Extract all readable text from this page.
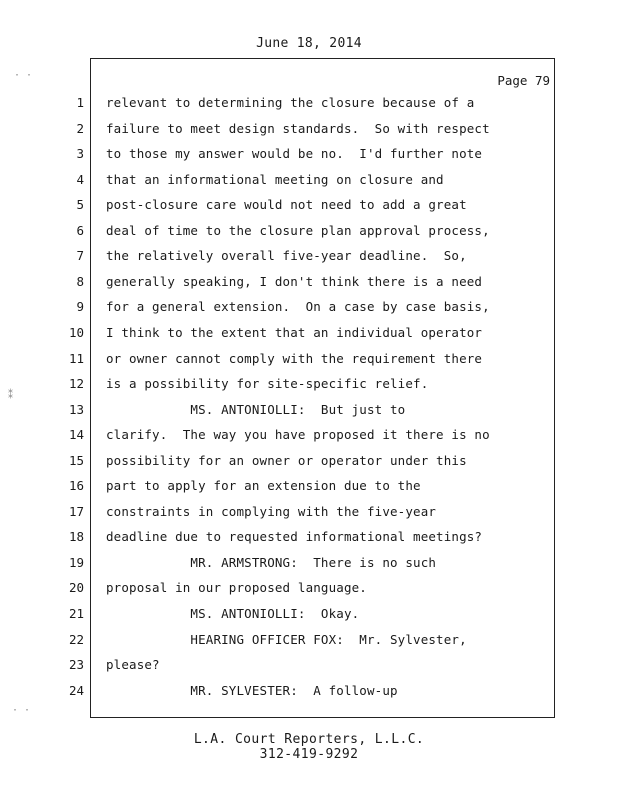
June 18, 2014
Page 79
1 relevant to determining the closure because of a
2 failure to meet design standards.  So with respect
3 to those my answer would be no.  I'd further note
4 that an informational meeting on closure and
5 post-closure care would not need to add a great
6 deal of time to the closure plan approval process,
7 the relatively overall five-year deadline.  So,
8 generally speaking, I don't think there is a need
9 for a general extension.  On a case by case basis,
10 I think to the extent that an individual operator
11 or owner cannot comply with the requirement there
12 is a possibility for site-specific relief.
13 MS. ANTONIOLLI:  But just to
14 clarify.  The way you have proposed it there is no
15 possibility for an owner or operator under this
16 part to apply for an extension due to the
17 constraints in complying with the five-year
18 deadline due to requested informational meetings?
19 MR. ARMSTRONG:  There is no such
20 proposal in our proposed language.
21 MS. ANTONIOLLI:  Okay.
22 HEARING OFFICER FOX:  Mr. Sylvester,
23 please?
24 MR. SYLVESTER:  A follow-up
L.A. Court Reporters, L.L.C.
312-419-9292
· ·
⁑
· ·
